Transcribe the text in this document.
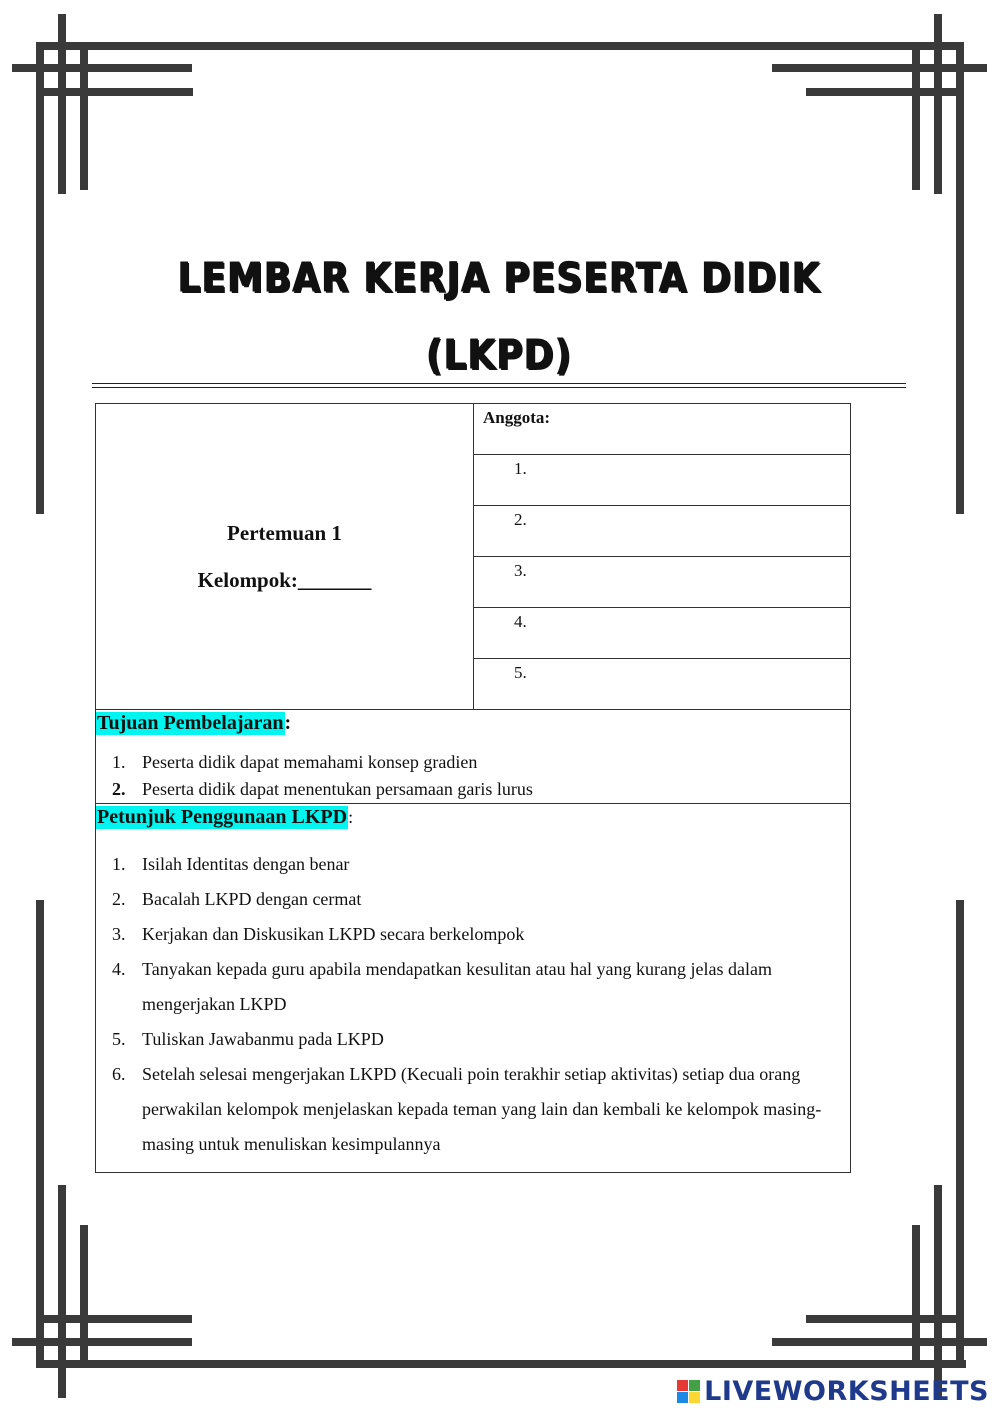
LEMBAR KERJA PESERTA DIDIK
(LKPD)
Pertemuan 1
Kelompok:_______
	Anggota:
1.
2.
3.
4.
5.

Tujuan Pembelajaran:
1. Peserta didik dapat memahami konsep gradien
2. Peserta didik dapat menentukan persamaan garis lurus

Petunjuk Penggunaan LKPD:
1. Isilah Identitas dengan benar
2. Bacalah LKPD dengan cermat
3. Kerjakan dan Diskusikan LKPD secara berkelompok
4. Tanyakan kepada guru apabila mendapatkan kesulitan atau hal yang kurang jelas dalam mengerjakan LKPD
5. Tuliskan Jawabanmu pada LKPD
6. Setelah selesai mengerjakan LKPD (Kecuali poin terakhir setiap aktivitas) setiap dua orang perwakilan kelompok menjelaskan kepada teman yang lain dan kembali ke kelompok masing-masing untuk menuliskan kesimpulannya
LIVEWORKSHEETS
